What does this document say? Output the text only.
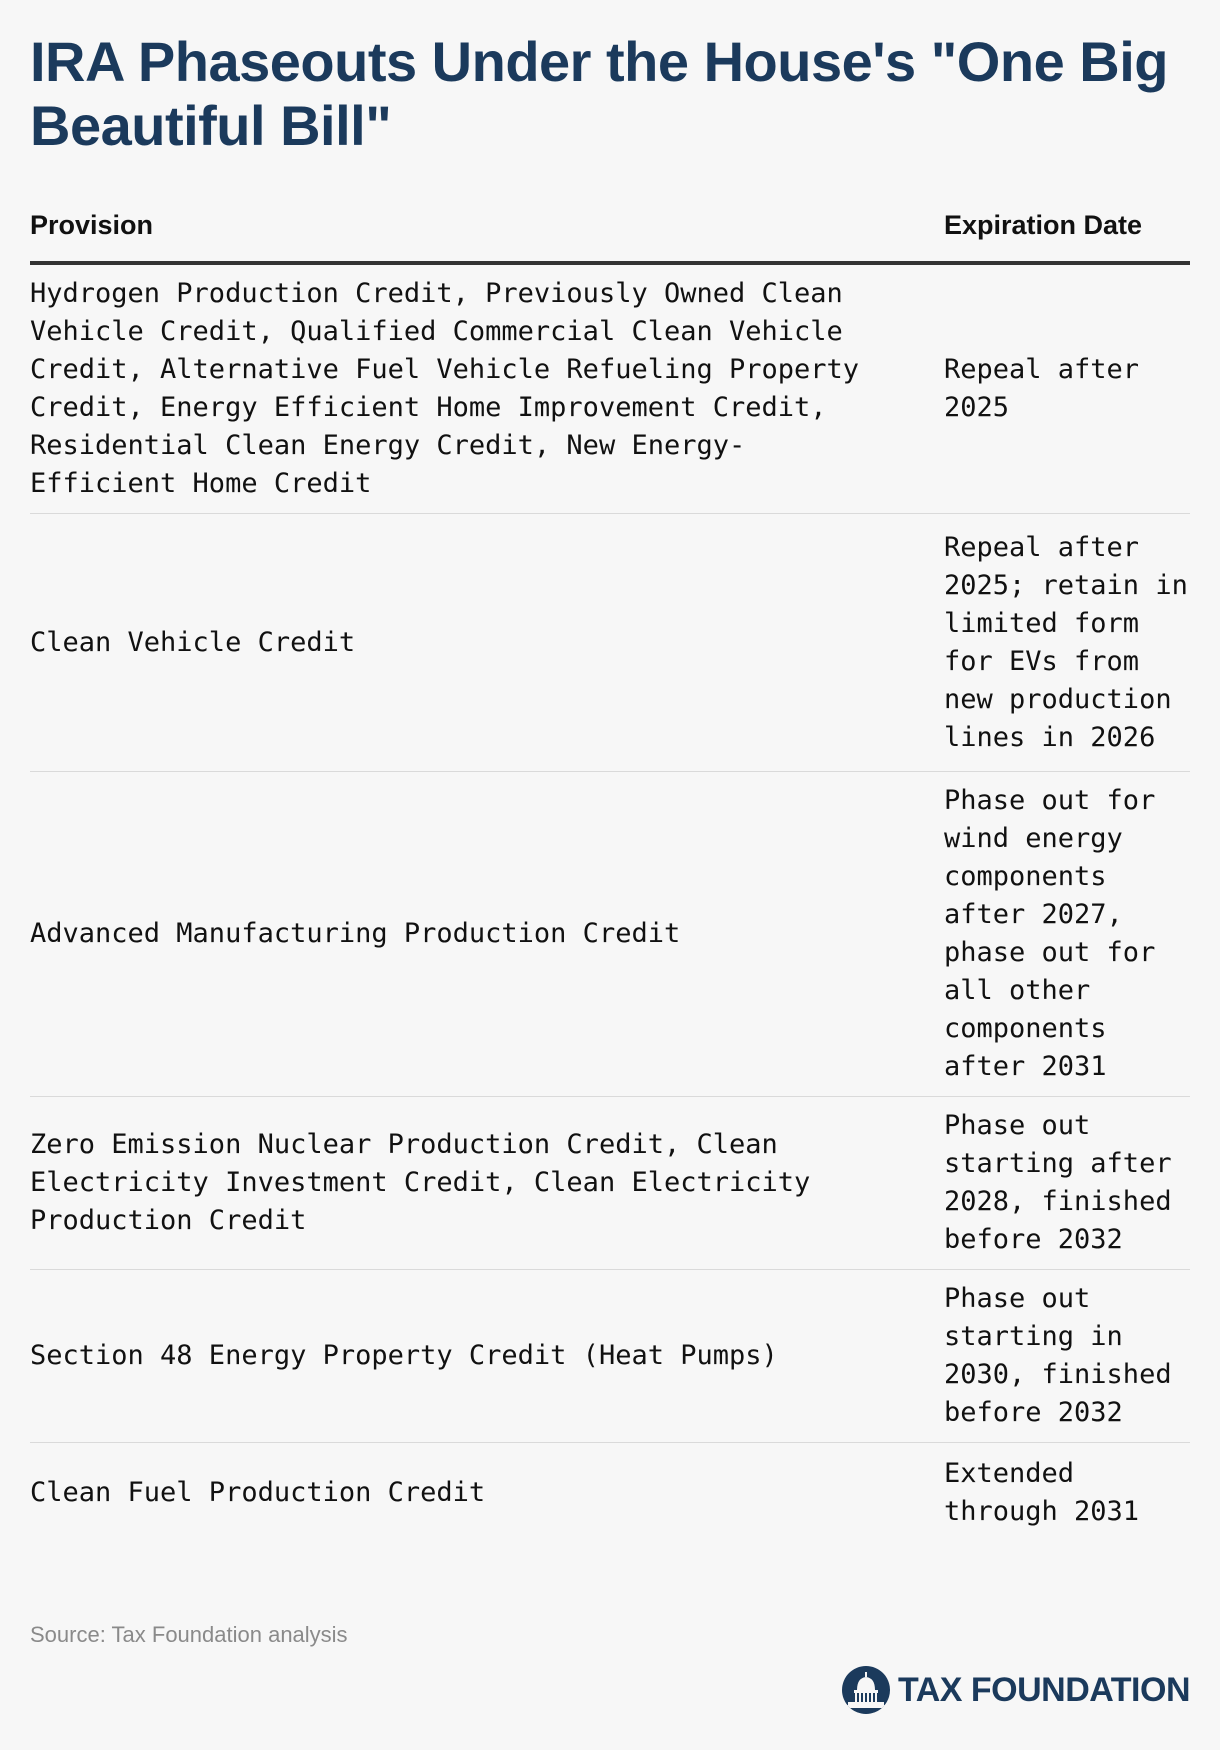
IRA Phaseouts Under the House's "One Big Beautiful Bill"
Provision	Expiration Date
Hydrogen Production Credit, Previously Owned Clean Vehicle Credit, Qualified Commercial Clean Vehicle Credit, Alternative Fuel Vehicle Refueling Property Credit, Energy Efficient Home Improvement Credit, Residential Clean Energy Credit, New Energy-Efficient Home Credit	Repeal after 2025
Clean Vehicle Credit	Repeal after 2025; retain in limited form for EVs from new production lines in 2026
Advanced Manufacturing Production Credit	Phase out for wind energy components after 2027, phase out for all other components after 2031
Zero Emission Nuclear Production Credit, Clean Electricity Investment Credit, Clean Electricity Production Credit	Phase out starting after 2028, finished before 2032
Section 48 Energy Property Credit (Heat Pumps)	Phase out starting in 2030, finished before 2032
Clean Fuel Production Credit	Extended through 2031
Source: Tax Foundation analysis
TAX FOUNDATION
